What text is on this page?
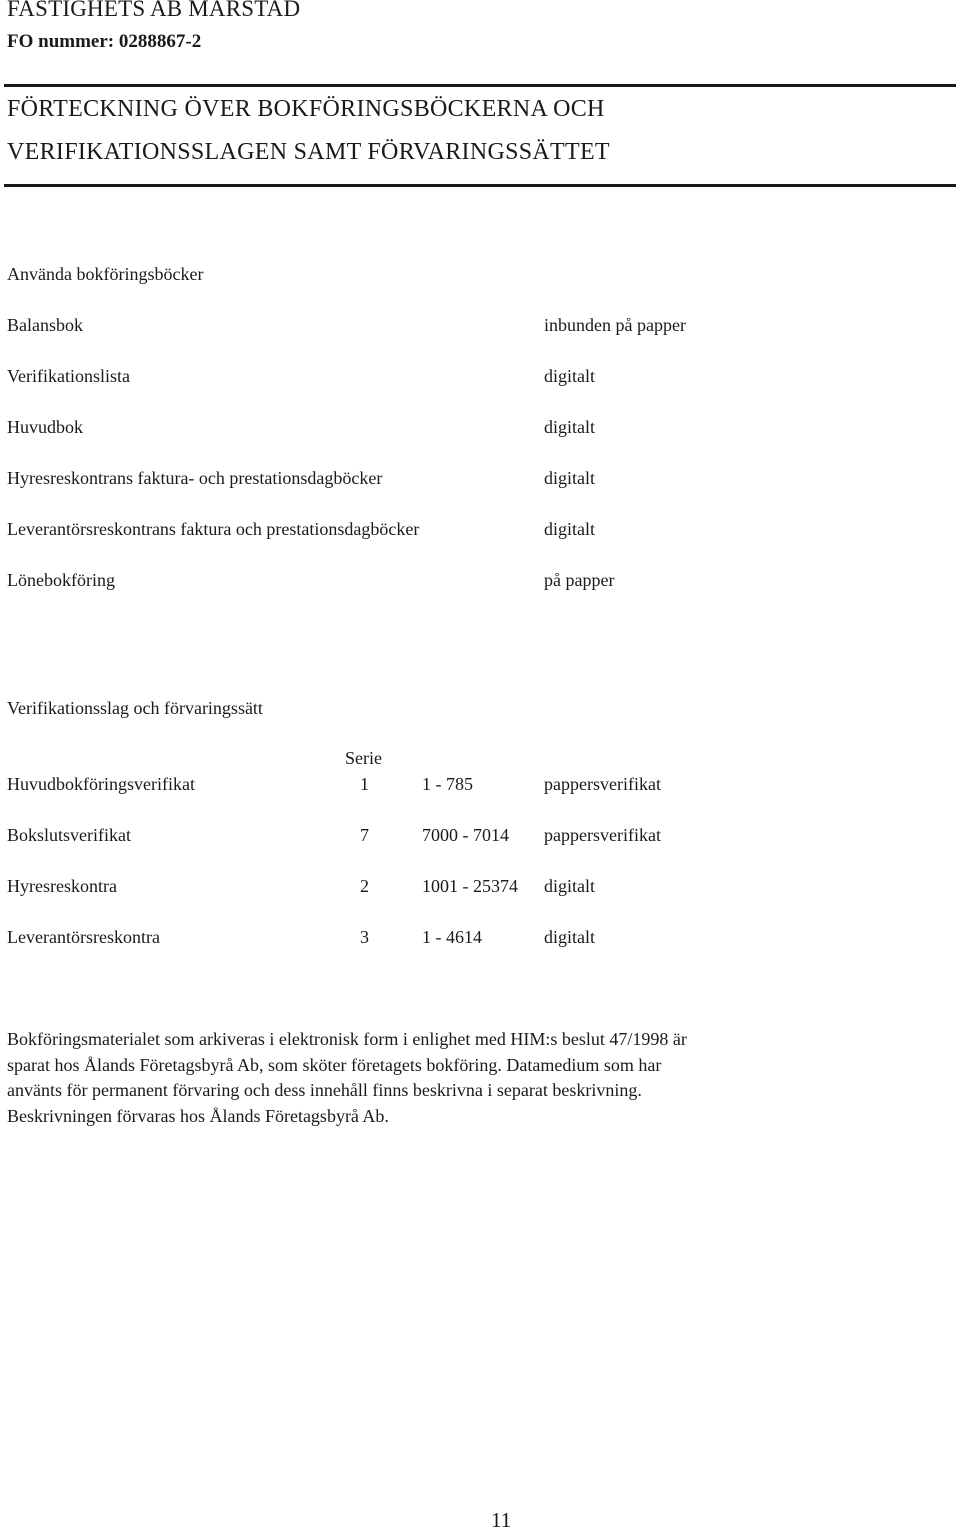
FASTIGHETS AB MARSTAD
FO nummer: 0288867-2
FÖRTECKNING ÖVER BOKFÖRINGSBÖCKERNA OCH
VERIFIKATIONSSLAGEN SAMT FÖRVARINGSSÄTTET
Använda bokföringsböcker
Balansbok	inbunden på papper
Verifikationslista	digitalt
Huvudbok	digitalt
Hyresreskontrans faktura- och prestationsdagböcker	digitalt
Leverantörsreskontrans faktura och prestationsdagböcker	digitalt
Lönebokföring	på papper
Verifikationsslag och förvaringssätt
Serie
Huvudbokföringsverifikat	1	1 - 785	pappersverifikat
Bokslutsverifikat	7	7000 - 7014 pappersverifikat
Hyresreskontra	2	1001 - 25374 digitalt
Leverantörsreskontra	3	1 - 4614	digitalt
Bokföringsmaterialet som arkiveras i elektronisk form i enlighet med HIM:s beslut 47/1998 är
sparat hos Ålands Företagsbyrå Ab, som sköter företagets bokföring. Datamedium som har
använts för permanent förvaring och dess innehåll finns beskrivna i separat beskrivning.
Beskrivningen förvaras hos Ålands Företagsbyrå Ab.
11
